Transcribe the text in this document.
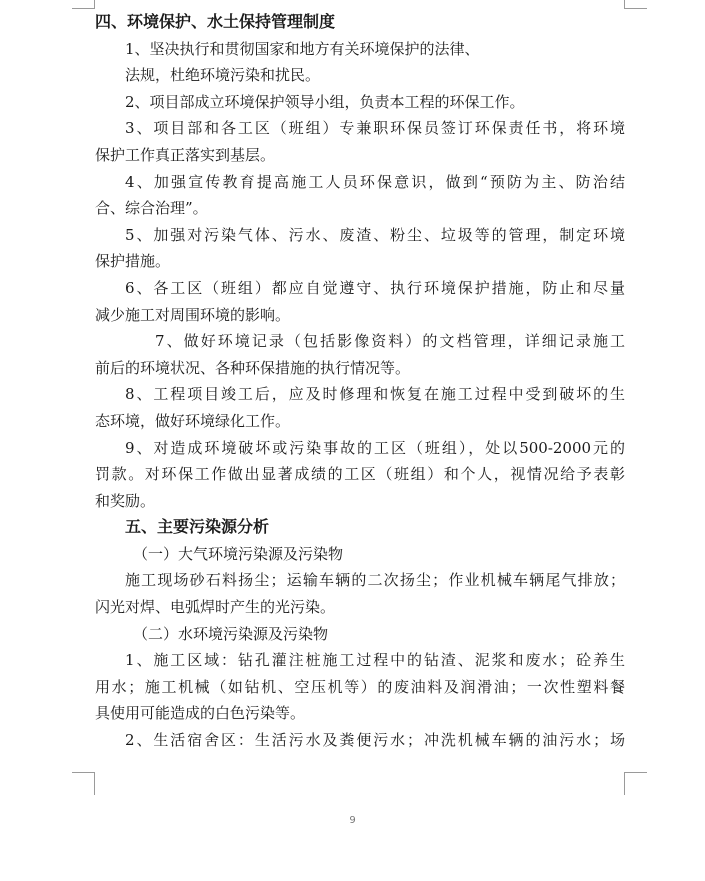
四、环境保护、水土保持管理制度
1、坚决执行和贯彻国家和地方有关环境保护的法律、
法规，杜绝环境污染和扰民。
2、项目部成立环境保护领导小组，负责本工程的环保工作。
3、项目部和各工区（班组）专兼职环保员签订环保责任书，将环境
保护工作真正落实到基层。
4、加强宣传教育提高施工人员环保意识，做到“预防为主、防治结
合、综合治理”。
5、加强对污染气体、污水、废渣、粉尘、垃圾等的管理，制定环境
保护措施。
6、各工区（班组）都应自觉遵守、执行环境保护措施，防止和尽量
减少施工对周围环境的影响。
7、做好环境记录（包括影像资料）的文档管理，详细记录施工
前后的环境状况、各种环保措施的执行情况等。
8、工程项目竣工后，应及时修理和恢复在施工过程中受到破坏的生
态环境，做好环境绿化工作。
9、对造成环境破坏或污染事故的工区（班组），处以500-2000元的
罚款。对环保工作做出显著成绩的工区（班组）和个人，视情况给予表彰
和奖励。
五、主要污染源分析
（一）大气环境污染源及污染物
施工现场砂石料扬尘；运输车辆的二次扬尘；作业机械车辆尾气排放；
闪光对焊、电弧焊时产生的光污染。
（二）水环境污染源及污染物
1、施工区域：钻孔灌注桩施工过程中的钻渣、泥浆和废水；砼养生
用水；施工机械（如钻机、空压机等）的废油料及润滑油；一次性塑料餐
具使用可能造成的白色污染等。
2、生活宿舍区：生活污水及粪便污水；冲洗机械车辆的油污水；场
9
